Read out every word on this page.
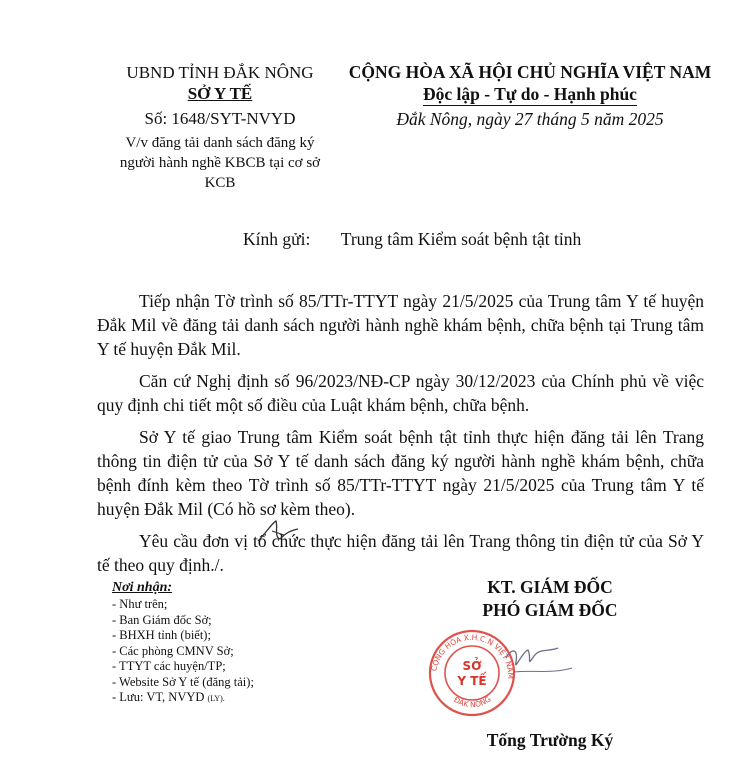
UBND TỈNH ĐẮK NÔNG
SỞ Y TẾ
Số: 1648/SYT-NVYD
V/v đăng tải danh sách đăng ký
người hành nghề KBCB tại cơ sở
KCB
CỘNG HÒA XÃ HỘI CHỦ NGHĨA VIỆT NAM
Độc lập - Tự do - Hạnh phúc
Đắk Nông, ngày 27 tháng 5 năm 2025
Kính gửi: Trung tâm Kiểm soát bệnh tật tỉnh

Tiếp nhận Tờ trình số 85/TTr-TTYT ngày 21/5/2025 của Trung tâm Y tế huyện Đắk Mil về đăng tải danh sách người hành nghề khám bệnh, chữa bệnh tại Trung tâm Y tế huyện Đắk Mil.

Căn cứ Nghị định số 96/2023/NĐ-CP ngày 30/12/2023 của Chính phủ về việc quy định chi tiết một số điều của Luật khám bệnh, chữa bệnh.

Sở Y tế giao Trung tâm Kiểm soát bệnh tật tỉnh thực hiện đăng tải lên Trang thông tin điện tử của Sở Y tế danh sách đăng ký người hành nghề khám bệnh, chữa bệnh đính kèm theo Tờ trình số 85/TTr-TTYT ngày 21/5/2025 của Trung tâm Y tế huyện Đắk Mil (Có hồ sơ kèm theo).

Yêu cầu đơn vị tổ chức thực hiện đăng tải lên Trang thông tin điện tử của Sở Y tế theo quy định./.

Nơi nhận:
- Như trên;
- Ban Giám đốc Sở;
- BHXH tỉnh (biết);
- Các phòng CMNV Sở;
- TTYT các huyện/TP;
- Website Sở Y tế (đăng tải);
- Lưu: VT, NVYD (LY).
KT. GIÁM ĐỐC
PHÓ GIÁM ĐỐC
CỘNG HÒA X.H.C.N VIỆT NAM
ĐẮK NÔNG
SỞ
Y TẾ
Tống Trường Ký
